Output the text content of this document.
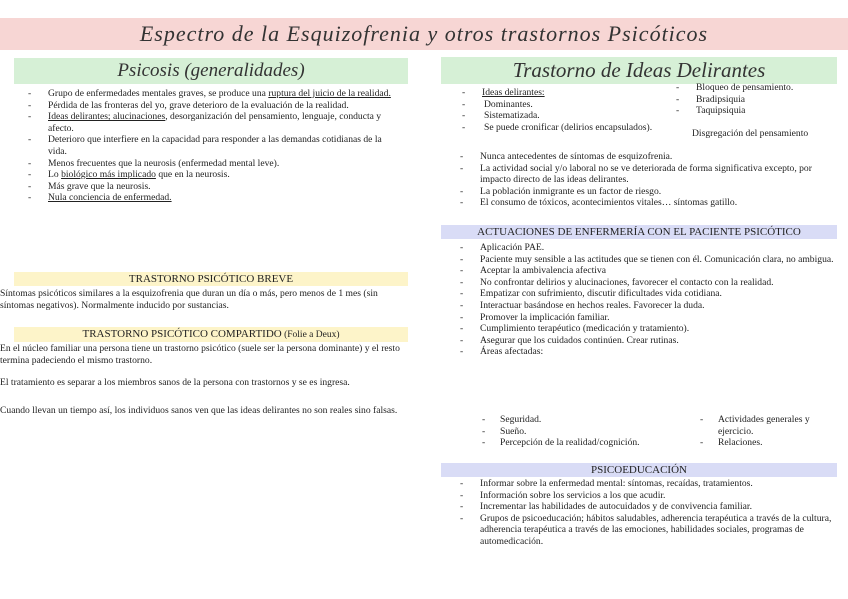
Espectro de la Esquizofrenia y otros trastornos Psicóticos
Psicosis (generalidades)
- Grupo de enfermedades mentales graves, se produce una ruptura del juicio de la realidad.
- Pérdida de las fronteras del yo, grave deterioro de la evaluación de la realidad.
- Ideas delirantes; alucinaciones, desorganización del pensamiento, lenguaje, conducta y afecto.
- Deterioro que interfiere en la capacidad para responder a las demandas cotidianas de la vida.
- Menos frecuentes que la neurosis (enfermedad mental leve).
- Lo biológico más implicado que en la neurosis.
- Más grave que la neurosis.
- Nula conciencia de enfermedad.
TRASTORNO PSICÓTICO BREVE

Síntomas psicóticos similares a la esquizofrenia que duran un día o más, pero menos de 1 mes (sin síntomas negativos). Normalmente inducido por sustancias.

TRASTORNO PSICÓTICO COMPARTIDO (Folie a Deux)

En el núcleo familiar una persona tiene un trastorno psicótico (suele ser la persona dominante) y el resto termina padeciendo el mismo trastorno.

El tratamiento es separar a los miembros sanos de la persona con trastornos y se es ingresa.

Cuando llevan un tiempo así, los individuos sanos ven que las ideas delirantes no son reales sino falsas.

Trastorno de Ideas Delirantes
- Ideas delirantes:
- Dominantes.
- Sistematizada.
- Se puede cronificar (delirios encapsulados).
- Bloqueo de pensamiento.
- Bradipsiquia
- Taquipsiquia
Disgregación del pensamiento
- Nunca antecedentes de síntomas de esquizofrenia.
- La actividad social y/o laboral no se ve deteriorada de forma significativa excepto, por impacto directo de las ideas delirantes.
- La población inmigrante es un factor de riesgo.
- El consumo de tóxicos, acontecimientos vitales… síntomas gatillo.
ACTUACIONES DE ENFERMERÍA CON EL PACIENTE PSICÓTICO
- Aplicación PAE.
- Paciente muy sensible a las actitudes que se tienen con él. Comunicación clara, no ambigua.
- Aceptar la ambivalencia afectiva
- No confrontar delirios y alucinaciones, favorecer el contacto con la realidad.
- Empatizar con sufrimiento, discutir dificultades vida cotidiana.
- Interactuar basándose en hechos reales. Favorecer la duda.
- Promover la implicación familiar.
- Cumplimiento terapéutico (medicación y tratamiento).
- Asegurar que los cuidados continúen. Crear rutinas.
- Áreas afectadas:
- Seguridad.
- Sueño.
- Percepción de la realidad/cognición.
- Actividades generales y ejercicio.
- Relaciones.
PSICOEDUCACIÓN
- Informar sobre la enfermedad mental: síntomas, recaídas, tratamientos.
- Información sobre los servicios a los que acudir.
- Incrementar las habilidades de autocuidados y de convivencia familiar.
- Grupos de psicoeducación; hábitos saludables, adherencia terapéutica a través de la cultura, adherencia terapéutica a través de las emociones, habilidades sociales, programas de automedicación.
